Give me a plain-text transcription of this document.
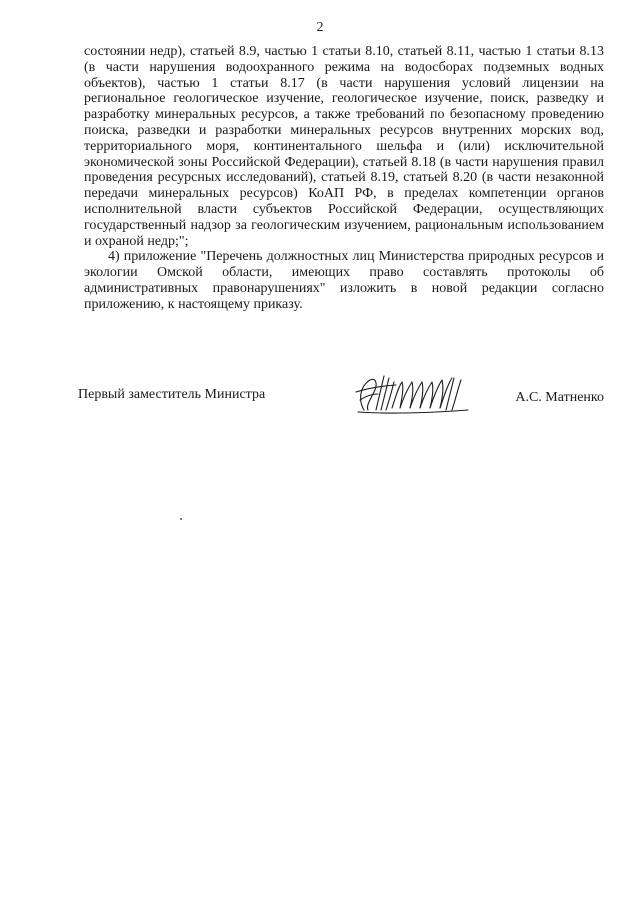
2

состоянии недр), статьей 8.9, частью 1 статьи 8.10, статьей 8.11, частью 1 статьи 8.13 (в части нарушения водоохранного режима на водосборах подземных водных объектов), частью 1 статьи 8.17 (в части нарушения условий лицензии на региональное геологическое изучение, геологическое изучение, поиск, разведку и разработку минеральных ресурсов, а также требований по безопасному проведению поиска, разведки и разработки минеральных ресурсов внутренних морских вод, территориального моря, континентального шельфа и (или) исключительной экономической зоны Российской Федерации), статьей 8.18 (в части нарушения правил проведения ресурсных исследований), статьей 8.19, статьей 8.20 (в части незаконной передачи минеральных ресурсов) КоАП РФ, в пределах компетенции органов исполнительной власти субъектов Российской Федерации, осуществляющих государственный надзор за геологическим изучением, рациональным использованием и охраной недр;";

4) приложение "Перечень должностных лиц Министерства природных ресурсов и экологии Омской области, имеющих право составлять протоколы об административных правонарушениях" изложить в новой редакции согласно приложению, к настоящему приказу.

Первый заместитель Министра	А.С. Матненко
